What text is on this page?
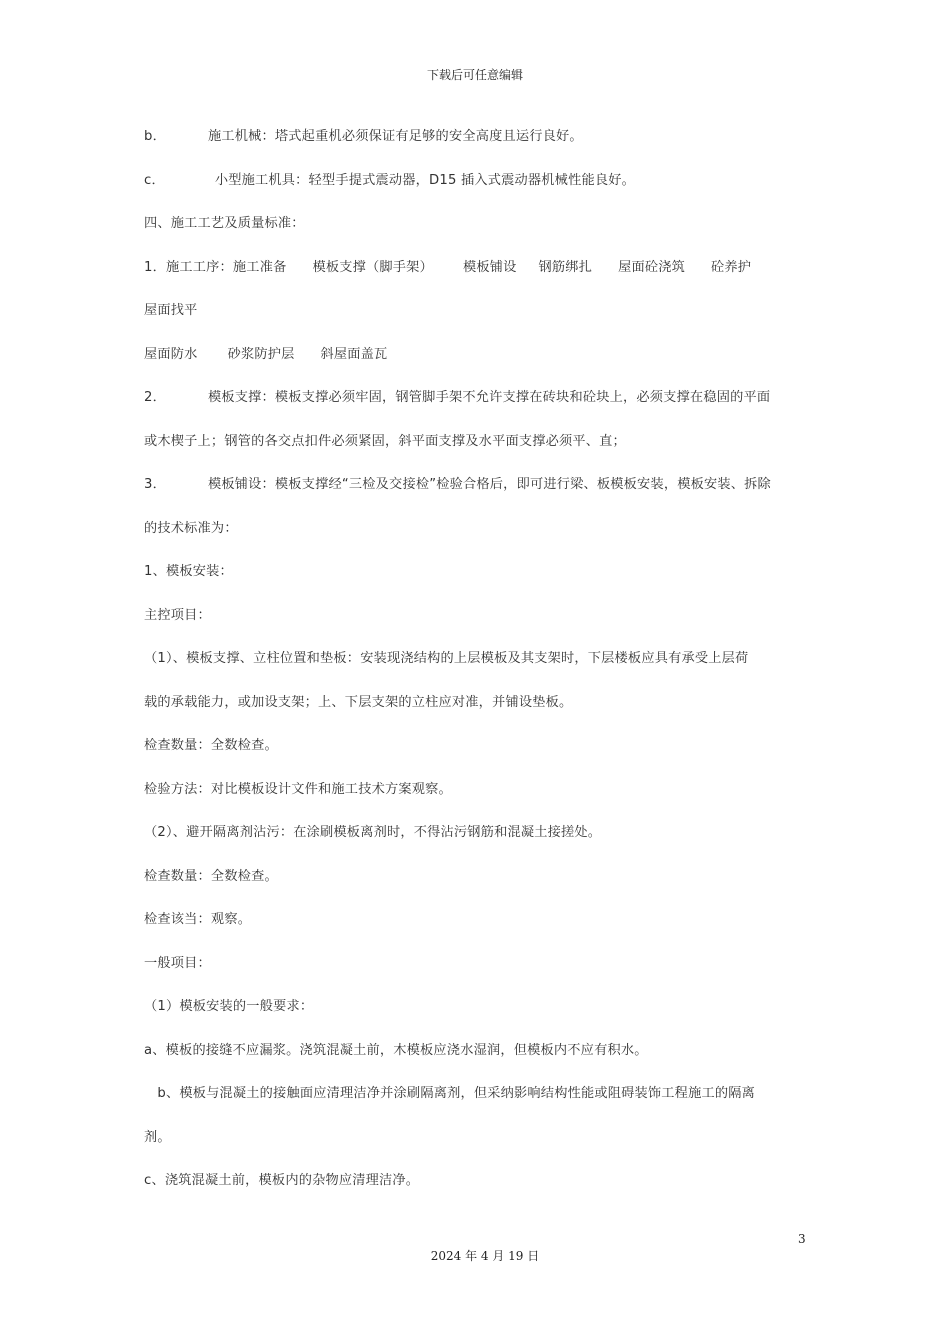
下载后可任意编辑
b．	施工机械：塔式起重机必须保证有足够的安全高度且运行良好。
c．	小型施工机具：轻型手提式震动器，D15 插入式震动器机械性能良好。
四、施工工艺及质量标准：
1．施工工序：施工准备 模板支撑（脚手架） 模板铺设 钢筋绑扎 屋面砼浇筑 砼养护
屋面找平
屋面防水 砂浆防护层 斜屋面盖瓦
2．	模板支撑：模板支撑必须牢固，钢管脚手架不允许支撑在砖块和砼块上，必须支撑在稳固的平面
或木楔子上；钢管的各交点扣件必须紧固，斜平面支撑及水平面支撑必须平、直；
3．	模板铺设：模板支撑经“三检及交接检”检验合格后，即可进行梁、板模板安装，模板安装、拆除
的技术标准为：
1、模板安装：
主控项目：
（1）、模板支撑、立柱位置和垫板：安装现浇结构的上层模板及其支架时，下层楼板应具有承受上层荷
载的承载能力，或加设支架；上、下层支架的立柱应对准，并铺设垫板。
检查数量：全数检查。
检验方法：对比模板设计文件和施工技术方案观察。
（2）、避开隔离剂沾污：在涂刷模板离剂时，不得沾污钢筋和混凝土接搓处。
检查数量：全数检查。
检查该当：观察。
一般项目：
（1）模板安装的一般要求：
a、模板的接缝不应漏浆。浇筑混凝土前，木模板应浇水湿润，但模板内不应有积水。
　b、模板与混凝土的接触面应清理洁净并涂刷隔离剂，但采纳影响结构性能或阻碍装饰工程施工的隔离
剂。
c、浇筑混凝土前，模板内的杂物应清理洁净。
3
2024 年 4 月 19 日
